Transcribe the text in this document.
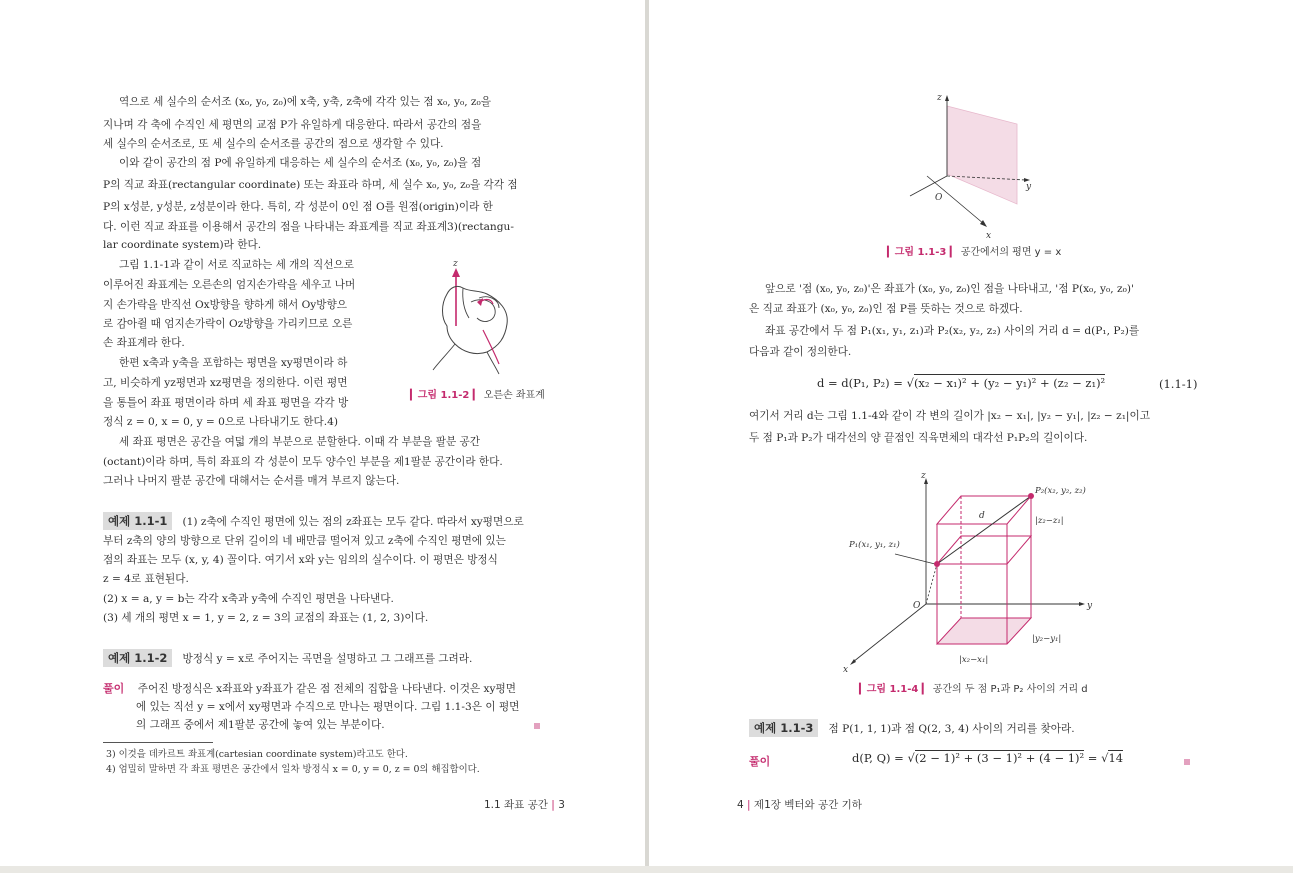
역으로 세 실수의 순서조 (x₀, y₀, z₀)에 x축, y축, z축에 각각 있는 점 x₀, y₀, z₀을
지나며 각 축에 수직인 세 평면의 교점 P가 유일하게 대응한다. 따라서 공간의 점을
세 실수의 순서조로, 또 세 실수의 순서조를 공간의 점으로 생각할 수 있다.
이와 같이 공간의 점 P에 유일하게 대응하는 세 실수의 순서조 (x₀, y₀, z₀)을 점
P의 직교 좌표(rectangular coordinate) 또는 좌표라 하며, 세 실수 x₀, y₀, z₀을 각각 점
P의 x성분, y성분, z성분이라 한다. 특히, 각 성분이 0인 점 O를 원점(origin)이라 한
다. 이런 직교 좌표를 이용해서 공간의 점을 나타내는 좌표계를 직교 좌표계3)(rectangu-
lar coordinate system)라 한다.
그림 1.1-1과 같이 서로 직교하는 세 개의 직선으로
이루어진 좌표계는 오른손의 엄지손가락을 세우고 나머
지 손가락을 반직선 Ox방향을 향하게 해서 Oy방향으
로 감아쥘 때 엄지손가락이 Oz방향을 가리키므로 오른
손 좌표계라 한다.
한편 x축과 y축을 포함하는 평면을 xy평면이라 하
고, 비슷하게 yz평면과 xz평면을 정의한다. 이런 평면
을 통틀어 좌표 평면이라 하며 세 좌표 평면을 각각 방
정식 z = 0, x = 0, y = 0으로 나타내기도 한다.4)
세 좌표 평면은 공간을 여덟 개의 부분으로 분할한다. 이때 각 부분을 팔분 공간
(octant)이라 하며, 특히 좌표의 각 성분이 모두 양수인 부분을 제1팔분 공간이라 한다.
그러나 나머지 팔분 공간에 대해서는 순서를 매겨 부르지 않는다.
z
▎그림 1.1-2 ▎ 오른손 좌표계
예제 1.1-1 (1) z축에 수직인 평면에 있는 점의 z좌표는 모두 같다. 따라서 xy평면으로
부터 z축의 양의 방향으로 단위 길이의 네 배만큼 떨어져 있고 z축에 수직인 평면에 있는
점의 좌표는 모두 (x, y, 4) 꼴이다. 여기서 x와 y는 임의의 실수이다. 이 평면은 방정식
z = 4로 표현된다.
(2) x = a, y = b는 각각 x축과 y축에 수직인 평면을 나타낸다.
(3) 세 개의 평면 x = 1, y = 2, z = 3의 교점의 좌표는 (1, 2, 3)이다.
예제 1.1-2 방정식 y = x로 주어지는 곡면을 설명하고 그 그래프를 그려라.
풀이 주어진 방정식은 x좌표와 y좌표가 같은 점 전체의 집합을 나타낸다. 이것은 xy평면
에 있는 직선 y = x에서 xy평면과 수직으로 만나는 평면이다. 그림 1.1-3은 이 평면
의 그래프 중에서 제1팔분 공간에 놓여 있는 부분이다.
3) 이것을 데카르트 좌표계(cartesian coordinate system)라고도 한다.
4) 엄밀히 말하면 각 좌표 평면은 공간에서 일차 방정식 x = 0, y = 0, z = 0의 해집합이다.
1.1 좌표 공간 | 3
z
y
x
O
▎그림 1.1-3 ▎ 공간에서의 평면 y = x
앞으로 '점 (x₀, y₀, z₀)'은 좌표가 (x₀, y₀, z₀)인 점을 나타내고, '점 P(x₀, y₀, z₀)'
은 직교 좌표가 (x₀, y₀, z₀)인 점 P를 뜻하는 것으로 하겠다.
좌표 공간에서 두 점 P₁(x₁, y₁, z₁)과 P₂(x₂, y₂, z₂) 사이의 거리 d = d(P₁, P₂)를
다음과 같이 정의한다.
d = d(P₁, P₂) = √(x₂ − x₁)² + (y₂ − y₁)² + (z₂ − z₁)²	(1.1-1)
여기서 거리 d는 그림 1.1-4와 같이 각 변의 길이가 |x₂ − x₁|, |y₂ − y₁|, |z₂ − z₁|이고
두 점 P₁과 P₂가 대각선의 양 끝점인 직육면체의 대각선 P₁P₂의 길이이다.
z
y
x
O
d
P₁(x₁, y₁, z₁)
P₂(x₂, y₂, z₂)
|z₂−z₁|
|y₂−y₁|
|x₂−x₁|
▎그림 1.1-4 ▎ 공간의 두 점 P₁과 P₂ 사이의 거리 d
예제 1.1-3 점 P(1, 1, 1)과 점 Q(2, 3, 4) 사이의 거리를 찾아라.
풀이	d(P, Q) = √(2 − 1)² + (3 − 1)² + (4 − 1)² = √14
4 | 제1장 벡터와 공간 기하
